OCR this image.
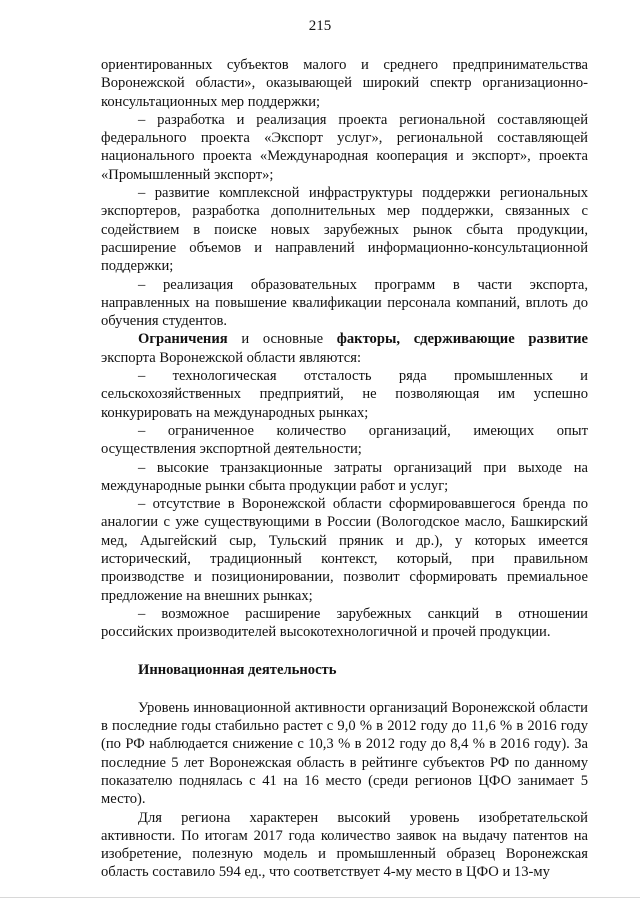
215

ориентированных субъектов малого и среднего предпринимательства Воронежской области», оказывающей широкий спектр организационно-консультационных мер поддержки;

– разработка и реализация проекта региональной составляющей федерального проекта «Экспорт услуг», региональной составляющей национального проекта «Международная кооперация и экспорт», проекта «Промышленный экспорт»;

– развитие комплексной инфраструктуры поддержки региональных экспортеров, разработка дополнительных мер поддержки, связанных с содействием в поиске новых зарубежных рынок сбыта продукции, расширение объемов и направлений информационно-консультационной поддержки;

– реализация образовательных программ в части экспорта, направленных на повышение квалификации персонала компаний, вплоть до обучения студентов.

Ограничения и основные факторы, сдерживающие развитие экспорта Воронежской области являются:

– технологическая отсталость ряда промышленных и сельскохозяйственных предприятий, не позволяющая им успешно конкурировать на международных рынках;

– ограниченное количество организаций, имеющих опыт осуществления экспортной деятельности;

– высокие транзакционные затраты организаций при выходе на международные рынки сбыта продукции работ и услуг;

– отсутствие в Воронежской области сформировавшегося бренда по аналогии с уже существующими в России (Вологодское масло, Башкирский мед, Адыгейский сыр, Тульский пряник и др.), у которых имеется исторический, традиционный контекст, который, при правильном производстве и позиционировании, позволит сформировать премиальное предложение на внешних рынках;

– возможное расширение зарубежных санкций в отношении российских производителей высокотехнологичной и прочей продукции.

Инновационная деятельность

Уровень инновационной активности организаций Воронежской области в последние годы стабильно растет с 9,0 % в 2012 году до 11,6 % в 2016 году (по РФ наблюдается снижение с 10,3 % в 2012 году до 8,4 % в 2016 году). За последние 5 лет Воронежская область в рейтинге субъектов РФ по данному показателю поднялась с 41 на 16 место (среди регионов ЦФО занимает 5 место).

Для региона характерен высокий уровень изобретательской активности. По итогам 2017 года количество заявок на выдачу патентов на изобретение, полезную модель и промышленный образец Воронежская область составило 594 ед., что соответствует 4-му место в ЦФО и 13-му
